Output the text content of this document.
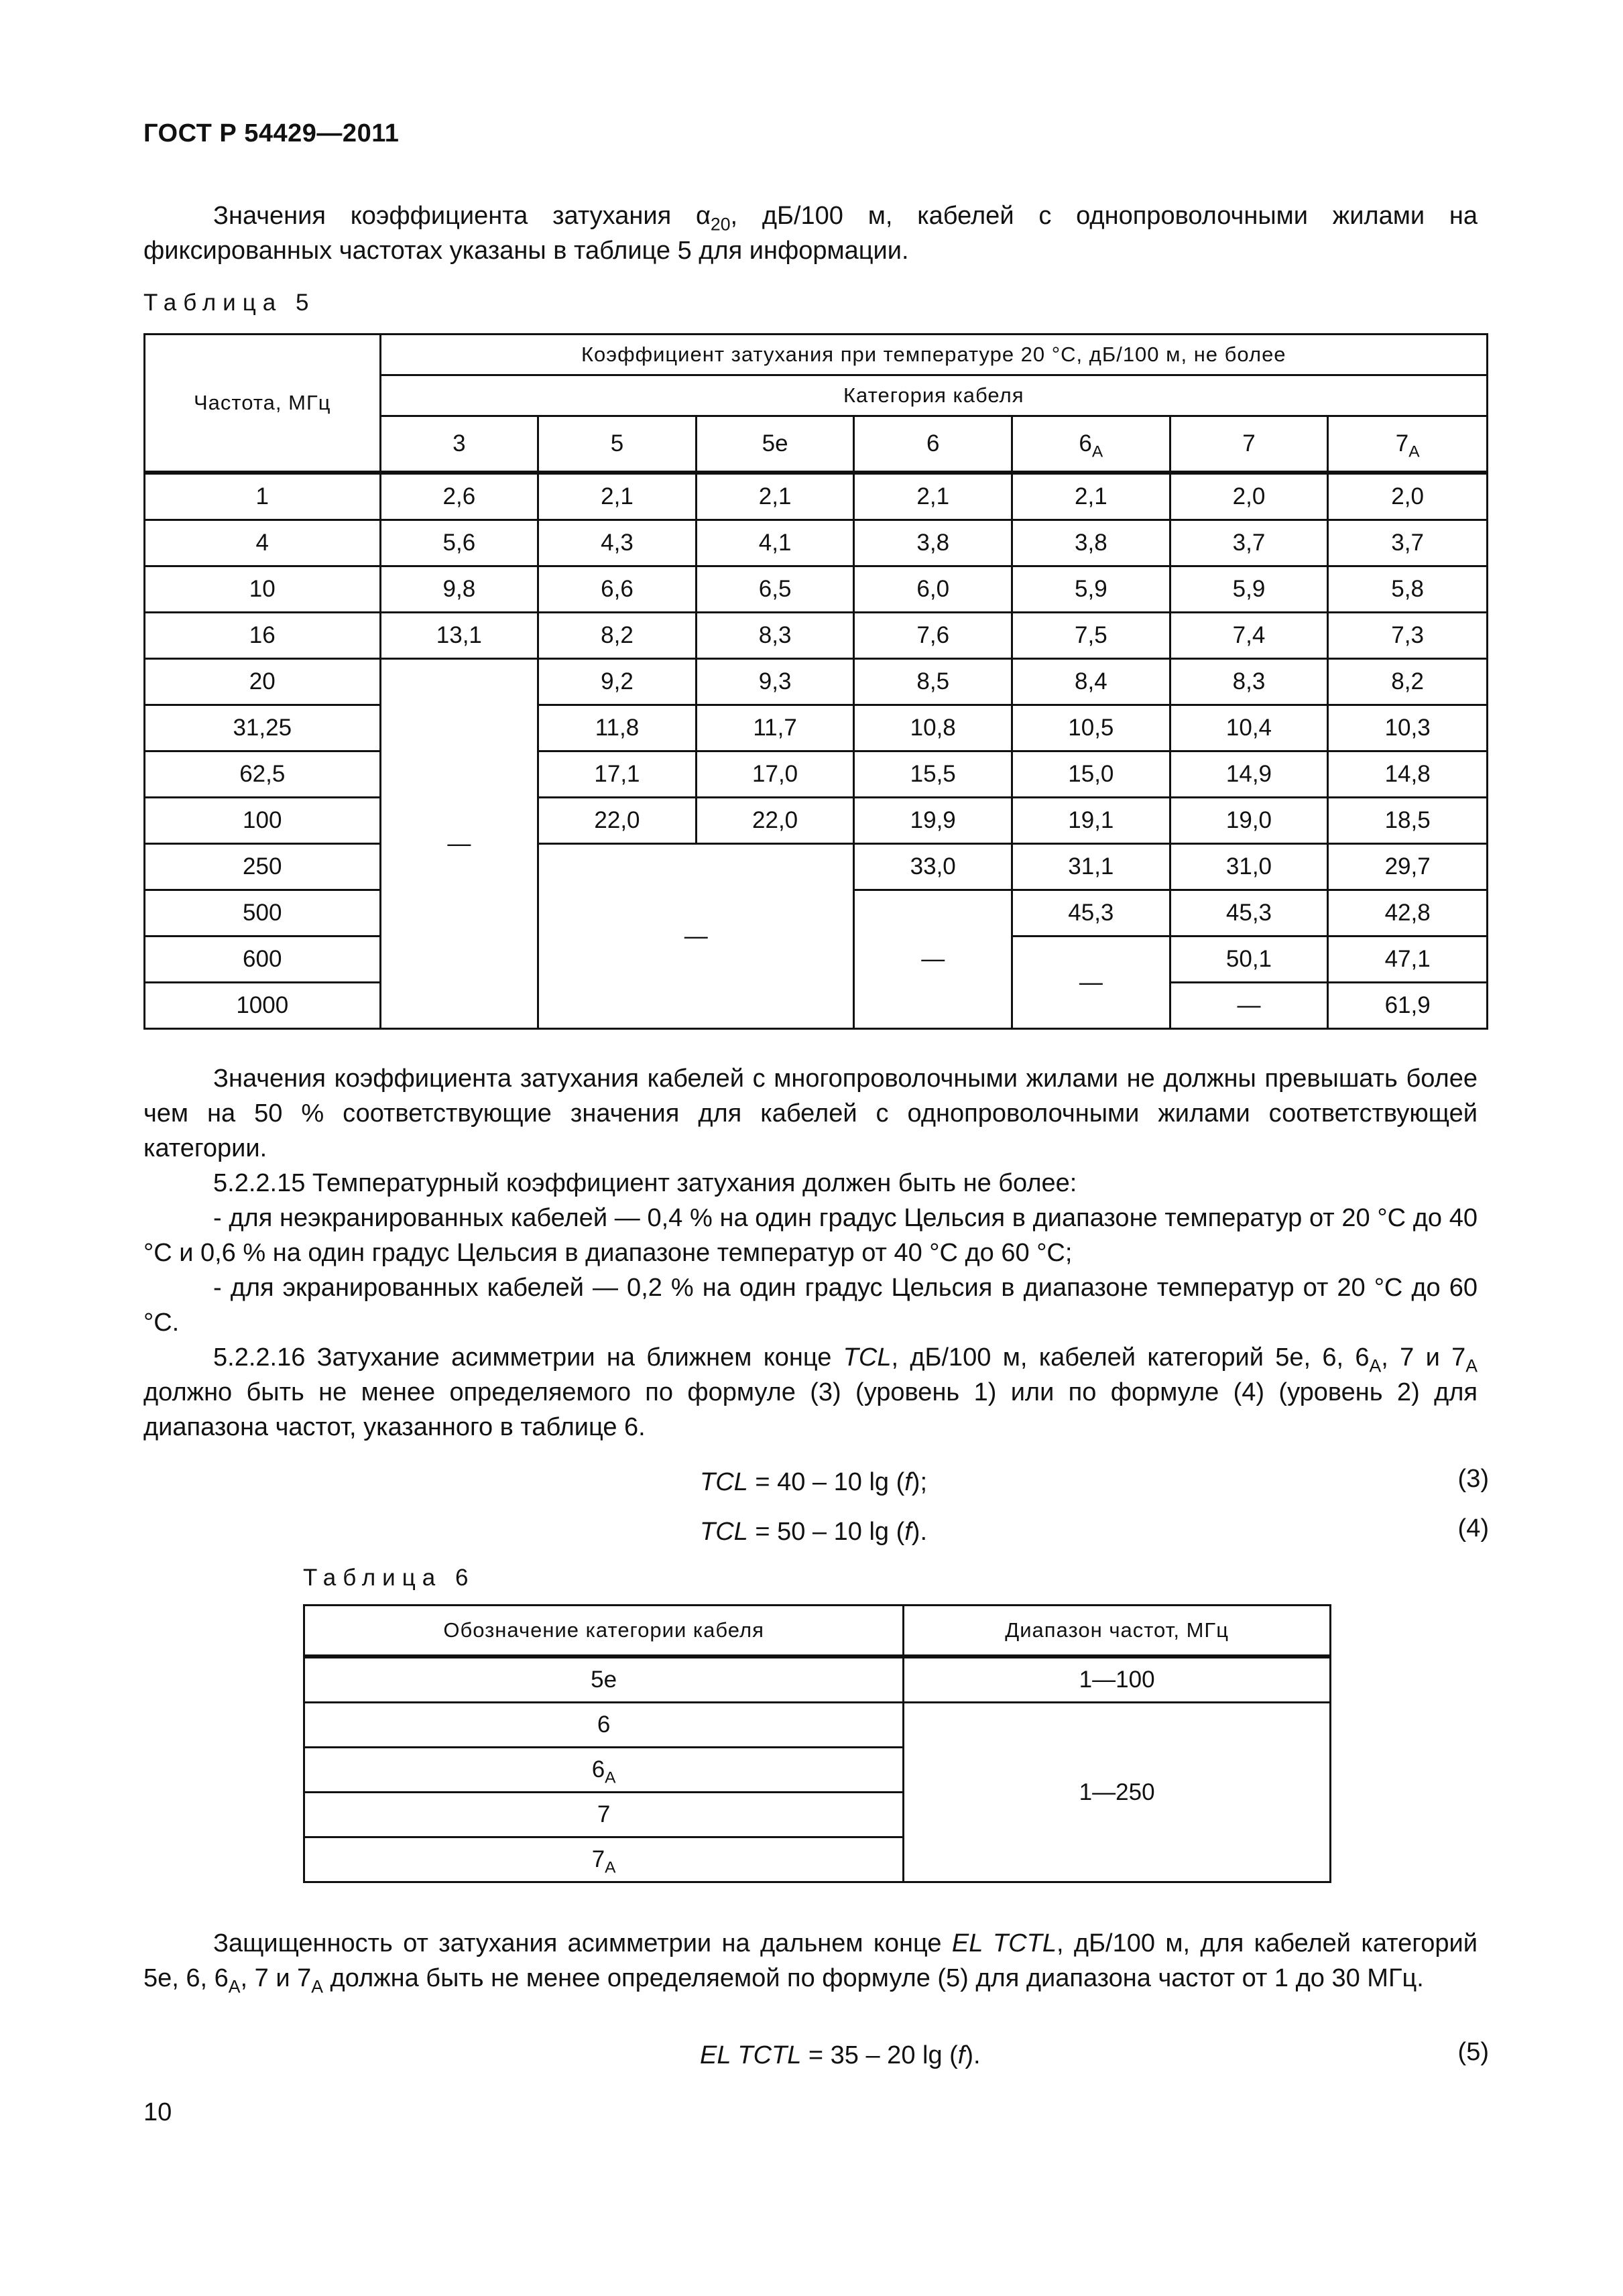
ГОСТ Р 54429—2011
Значения коэффициента затухания $\alpha_{20}$, дБ/100 м, кабелей с однопроволочными жилами на фиксированных частотах указаны в таблице 5 для информации.
Таблица 5
Частота, МГц	Коэффициент затухания при температуре 20 °С, дБ/100 м, не более						
	Категория кабеля						
	3	5	5е	6	$6_А$	7	$7_А$
1	2,6	2,1	2,1	2,1	2,1	2,0	2,0
4	5,6	4,3	4,1	3,8	3,8	3,7	3,7
10	9,8	6,6	6,5	6,0	5,9	5,9	5,8
16	13,1	8,2	8,3	7,6	7,5	7,4	7,3
20	—	9,2	9,3	8,5	8,4	8,3	8,2
31,25		11,8	11,7	10,8	10,5	10,4	10,3
62,5		17,1	17,0	15,5	15,0	14,9	14,8
100		22,0	22,0	19,9	19,1	19,0	18,5
250		—		33,0	31,1	31,0	29,7
500				—	45,3	45,3	42,8
600					—	50,1	47,1
1000						—	61,9
Значения коэффициента затухания кабелей с многопроволочными жилами не должны превышать более чем на 50 % соответствующие значения для кабелей с однопроволочными жилами соответствующей категории.
5.2.2.15 Температурный коэффициент затухания должен быть не более:
- для неэкранированных кабелей — 0,4 % на один градус Цельсия в диапазоне температур от 20 °С до 40 °С и 0,6 % на один градус Цельсия в диапазоне температур от 40 °С до 60 °С;
- для экранированных кабелей — 0,2 % на один градус Цельсия в диапазоне температур от 20 °С до 60 °С.
5.2.2.16 Затухание асимметрии на ближнем конце TCL, дБ/100 м, кабелей категорий 5е, 6, $6_А$, 7 и $7_А$ должно быть не менее определяемого по формуле (3) (уровень 1) или по формуле (4) (уровень 2) для диапазона частот, указанного в таблице 6.
TCL = 40 – 10 lg (f);	(3)
TCL = 50 – 10 lg (f).	(4)
Таблица 6
Обозначение категории кабеля	Диапазон частот, МГц
5е	1—100
6	1—250
$6_А$
7	
$7_А$
Защищенность от затухания асимметрии на дальнем конце EL TCTL, дБ/100 м, для кабелей категорий 5е, 6, $6_А$, 7 и $7_А$ должна быть не менее определяемой по формуле (5) для диапазона частот от 1 до 30 МГц.
EL TCTL = 35 – 20 lg (f).	(5)
10
